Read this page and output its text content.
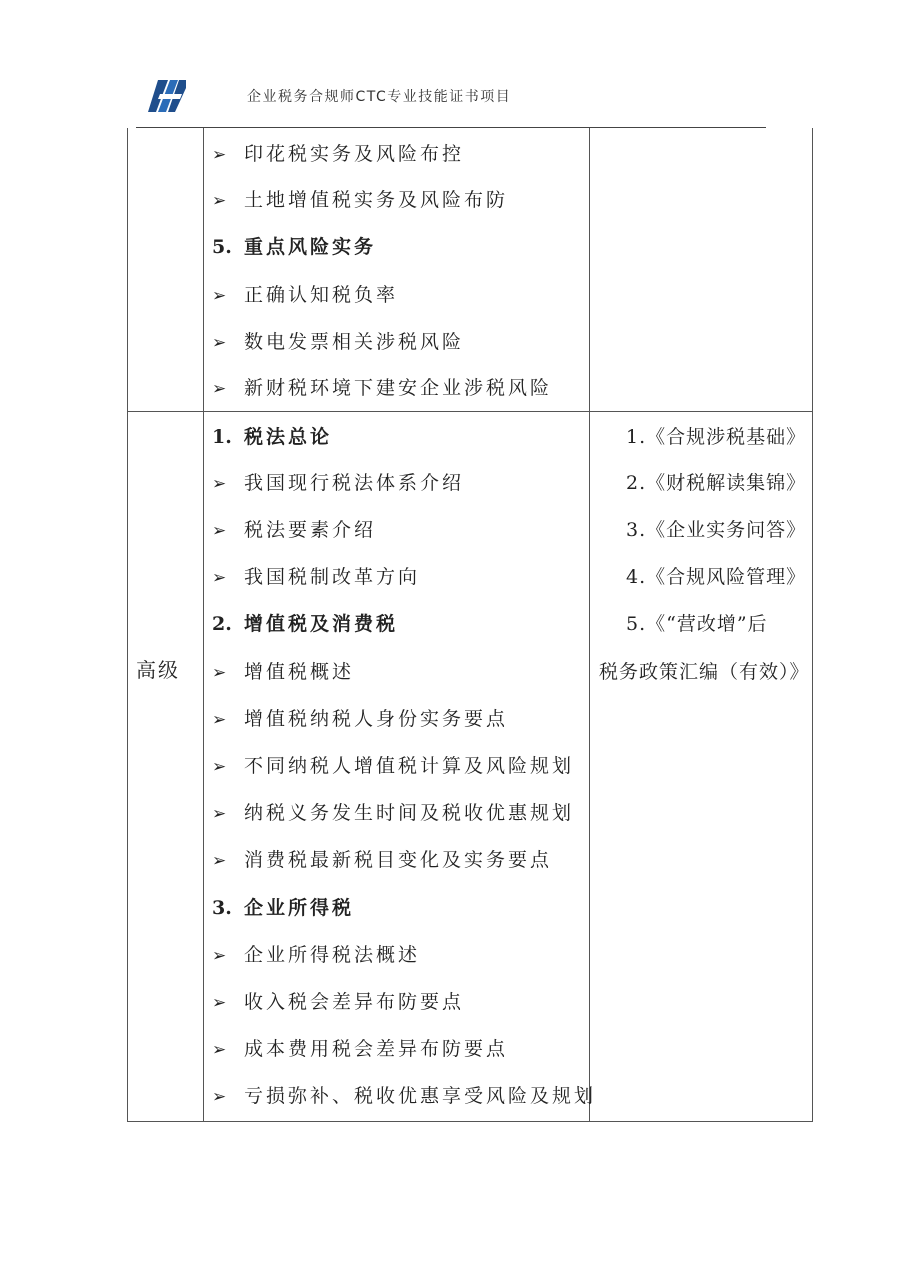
企业税务合规师CTC专业技能证书项目
➢ 印花税实务及风险布控
➢ 土地增值税实务及风险布防
5. 重点风险实务
➢ 正确认知税负率
➢ 数电发票相关涉税风险
➢ 新财税环境下建安企业涉税风险
高级
1. 税法总论
➢ 我国现行税法体系介绍
➢ 税法要素介绍
➢ 我国税制改革方向
2. 增值税及消费税
➢ 增值税概述
➢ 增值税纳税人身份实务要点
➢ 不同纳税人增值税计算及风险规划
➢ 纳税义务发生时间及税收优惠规划
➢ 消费税最新税目变化及实务要点
3. 企业所得税
➢ 企业所得税法概述
➢ 收入税会差异布防要点
➢ 成本费用税会差异布防要点
➢ 亏损弥补、税收优惠享受风险及规划
1.《合规涉税基础》
2.《财税解读集锦》
3.《企业实务问答》
4.《合规风险管理》
5.《“营改增”后
税务政策汇编（有效）》
